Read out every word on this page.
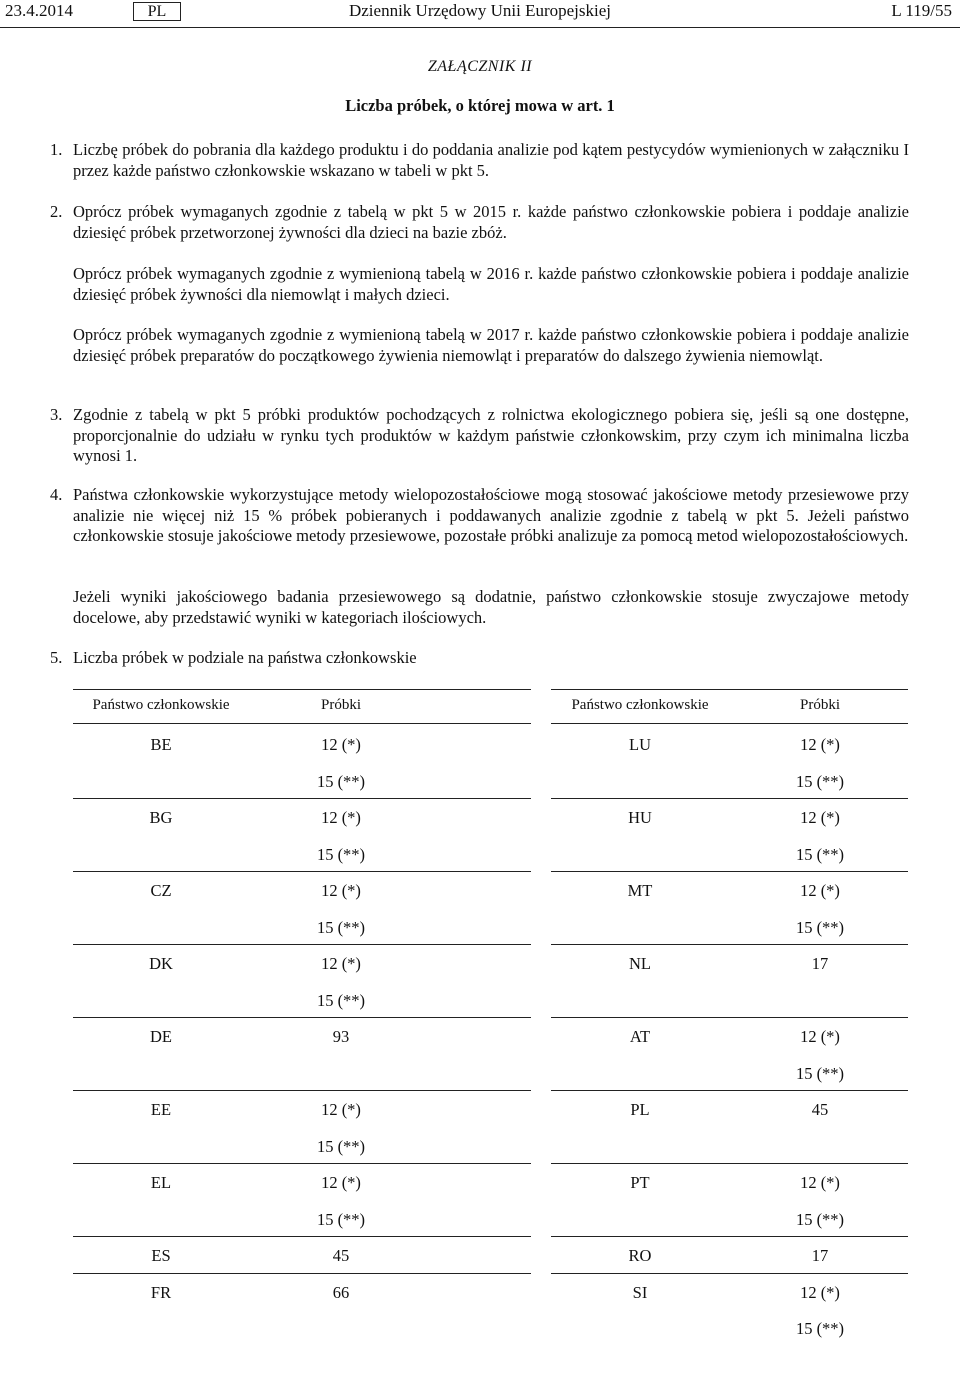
Dziennik Urzędowy Unii Europejskiej
23.4.2014	PL	L 119/55
ZAŁĄCZNIK II
Liczba próbek, o której mowa w art. 1
1. Liczbę próbek do pobrania dla każdego produktu i do poddania analizie pod kątem pestycydów wymienionych w załączniku I przez każde państwo członkowskie wskazano w tabeli w pkt 5.
2. Oprócz próbek wymaganych zgodnie z tabelą w pkt 5 w 2015 r. każde państwo członkowskie pobiera i poddaje analizie dziesięć próbek przetworzonej żywności dla dzieci na bazie zbóż.
Oprócz próbek wymaganych zgodnie z wymienioną tabelą w 2016 r. każde państwo członkowskie pobiera i poddaje analizie dziesięć próbek żywności dla niemowląt i małych dzieci.
Oprócz próbek wymaganych zgodnie z wymienioną tabelą w 2017 r. każde państwo członkowskie pobiera i poddaje analizie dziesięć próbek preparatów do początkowego żywienia niemowląt i preparatów do dalszego żywienia niemowląt.
3. Zgodnie z tabelą w pkt 5 próbki produktów pochodzących z rolnictwa ekologicznego pobiera się, jeśli są one dostępne, proporcjonalnie do udziału w rynku tych produktów w każdym państwie członkowskim, przy czym ich minimalna liczba wynosi 1.
4. Państwa członkowskie wykorzystujące metody wielopozostałościowe mogą stosować jakościowe metody przesiewowe przy analizie nie więcej niż 15 % próbek pobieranych i poddawanych analizie zgodnie z tabelą w pkt 5. Jeżeli państwo członkowskie stosuje jakościowe metody przesiewowe, pozostałe próbki analizuje za pomocą metod wielopozostałościowych.
Jeżeli wyniki jakościowego badania przesiewowego są dodatnie, państwo członkowskie stosuje zwyczajowe metody docelowe, aby przedstawić wyniki w kategoriach ilościowych.
5. Liczba próbek w podziale na państwa członkowskie
Państwo członkowskie	Próbki
BE	12 (*)
15 (**)
BG	12 (*)
15 (**)
CZ	12 (*)
15 (**)
DK	12 (*)
15 (**)
DE	93
EE	12 (*)
15 (**)
EL	12 (*)
15 (**)
ES	45
FR	66
Państwo członkowskie	Próbki
LU	12 (*)
15 (**)
HU	12 (*)
15 (**)
MT	12 (*)
15 (**)
NL	17
AT	12 (*)
15 (**)
PL	45
PT	12 (*)
15 (**)
RO	17
SI	12 (*)
15 (**)
